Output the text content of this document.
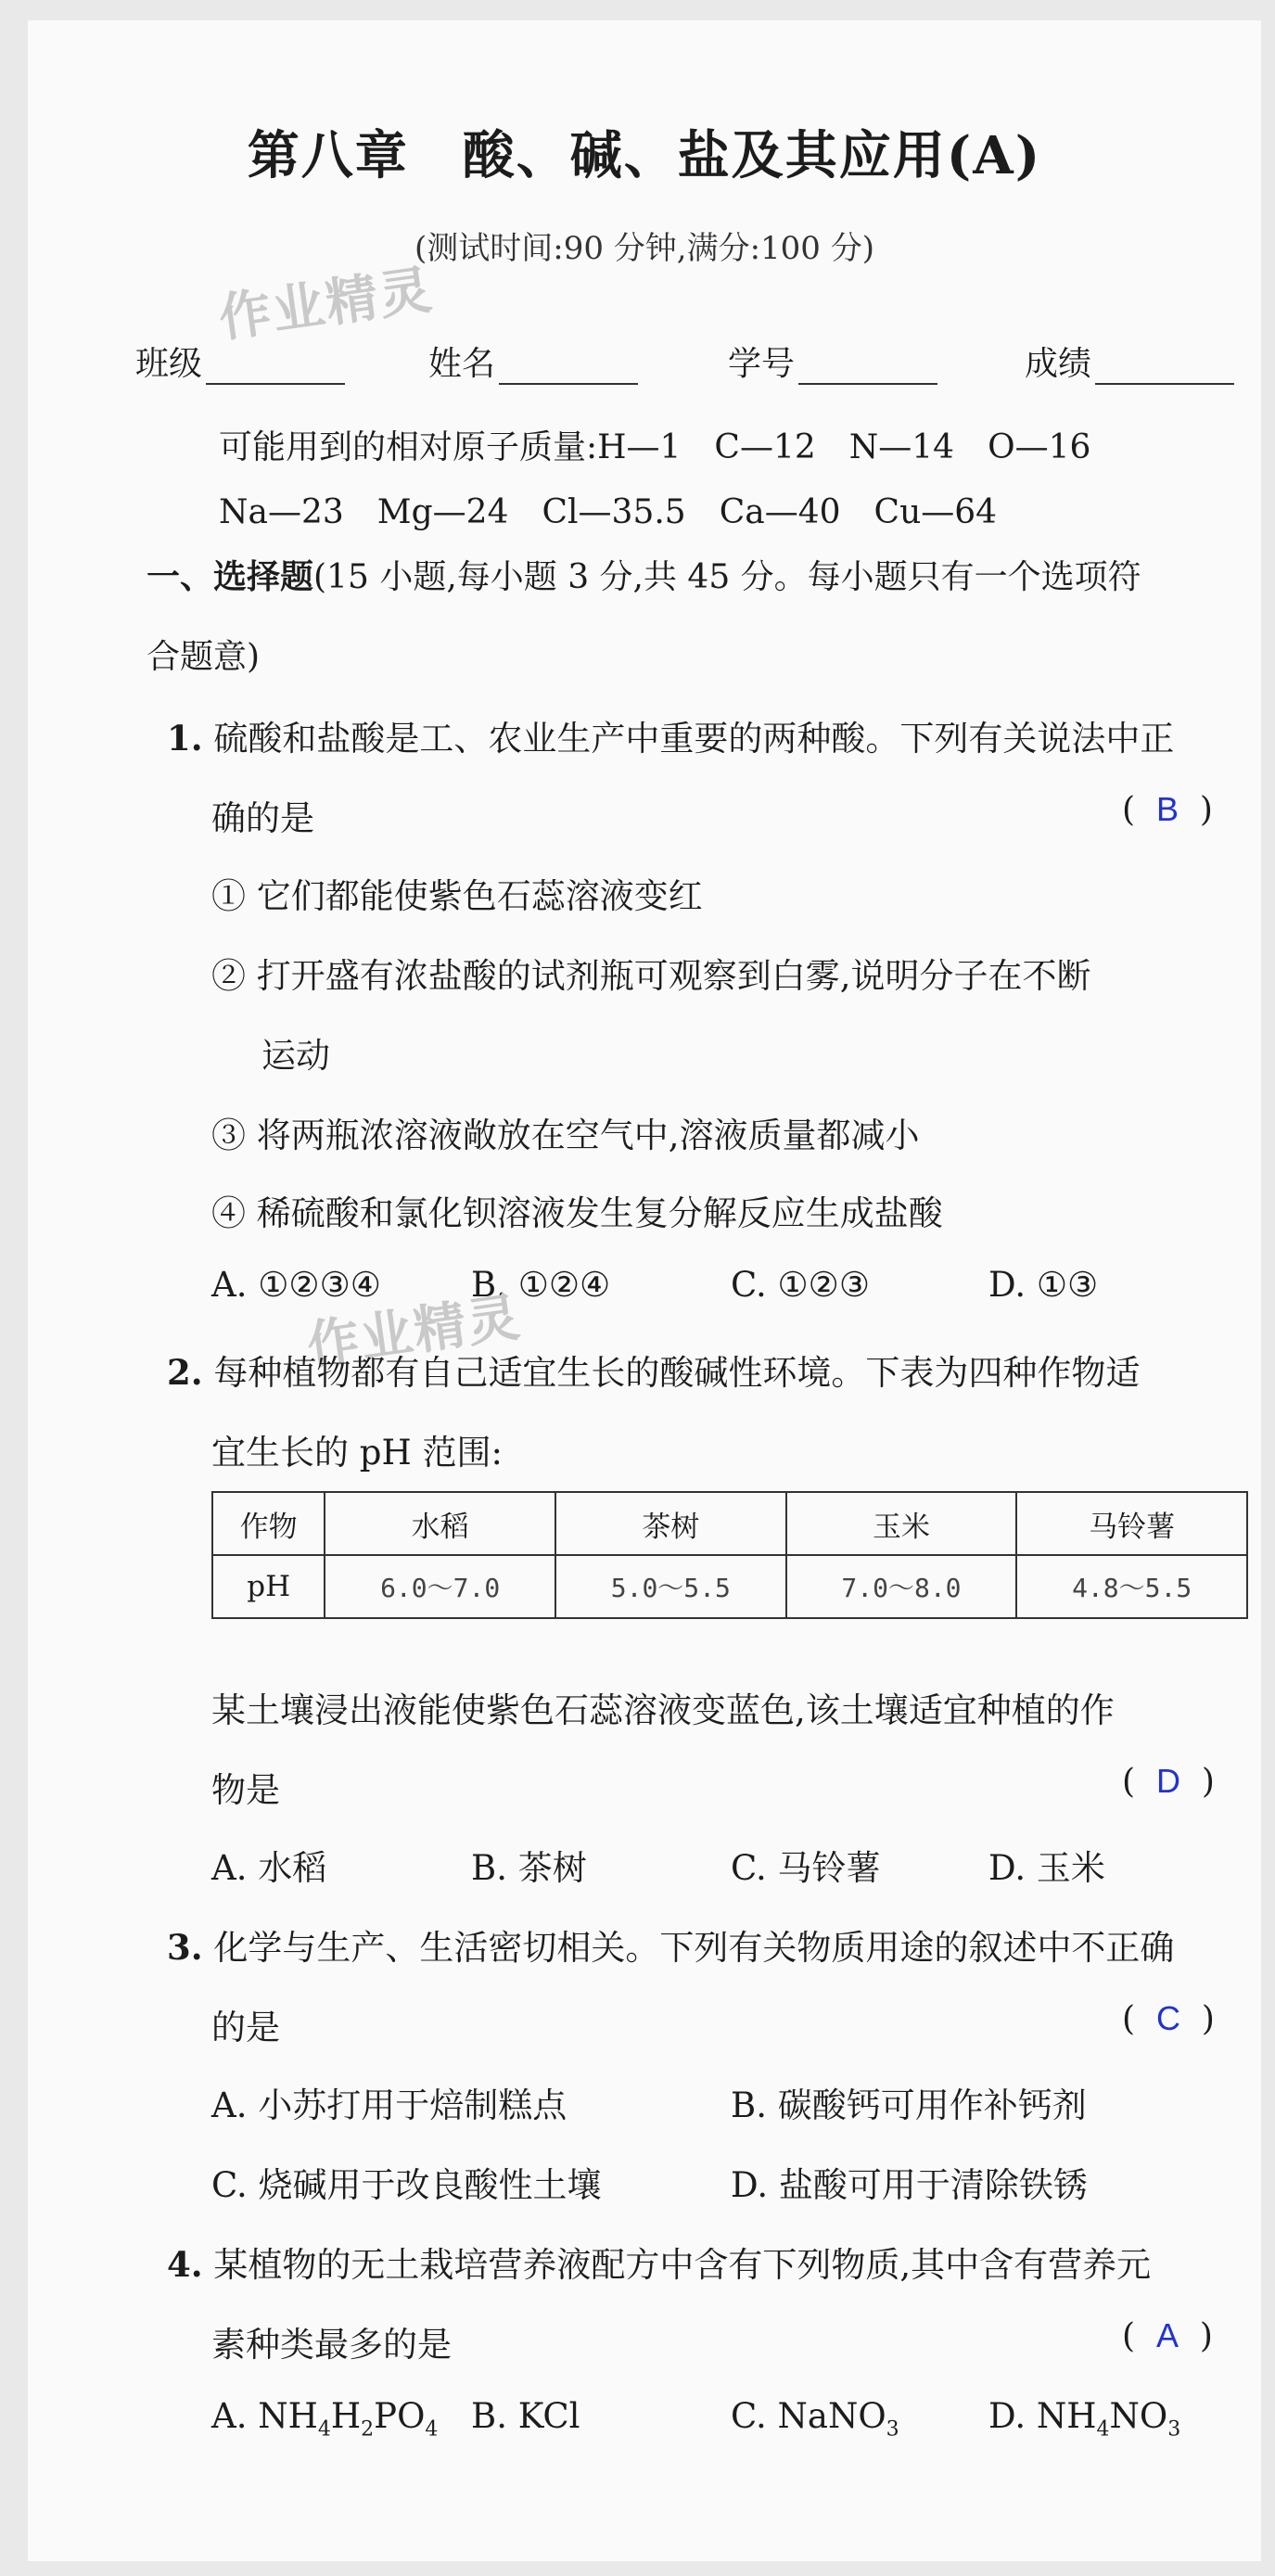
第八章　酸、碱、盐及其应用(A)
(测试时间:90 分钟,满分:100 分)
作业精灵
班级	姓名	学号	成绩
可能用到的相对原子质量:H—1　C—12　N—14　O—16
Na—23　Mg—24　Cl—35.5　Ca—40　Cu—64
一、选择题(15 小题,每小题 3 分,共 45 分。每小题只有一个选项符
合题意)
1. 硫酸和盐酸是工、农业生产中重要的两种酸。下列有关说法中正
确的是	( B )
① 它们都能使紫色石蕊溶液变红
② 打开盛有浓盐酸的试剂瓶可观察到白雾,说明分子在不断
运动
③ 将两瓶浓溶液敞放在空气中,溶液质量都减小
④ 稀硫酸和氯化钡溶液发生复分解反应生成盐酸
A. ①②③④	B. ①②④	C. ①②③	D. ①③
作业精灵
2. 每种植物都有自己适宜生长的酸碱性环境。下表为四种作物适
宜生长的 pH 范围:
作物	水稻	茶树	玉米	马铃薯
pH	6.0～7.0	5.0～5.5	7.0～8.0	4.8～5.5
某土壤浸出液能使紫色石蕊溶液变蓝色,该土壤适宜种植的作
物是	( D )
A. 水稻	B. 茶树	C. 马铃薯	D. 玉米
3. 化学与生产、生活密切相关。下列有关物质用途的叙述中不正确
的是	( C )
A. 小苏打用于焙制糕点	B. 碳酸钙可用作补钙剂
C. 烧碱用于改良酸性土壤	D. 盐酸可用于清除铁锈
4. 某植物的无土栽培营养液配方中含有下列物质,其中含有营养元
素种类最多的是	( A )
A. $NH_4H_2PO_4$ B. KCl	C. NaNO$_3$	D. $NH_4NO_3$
